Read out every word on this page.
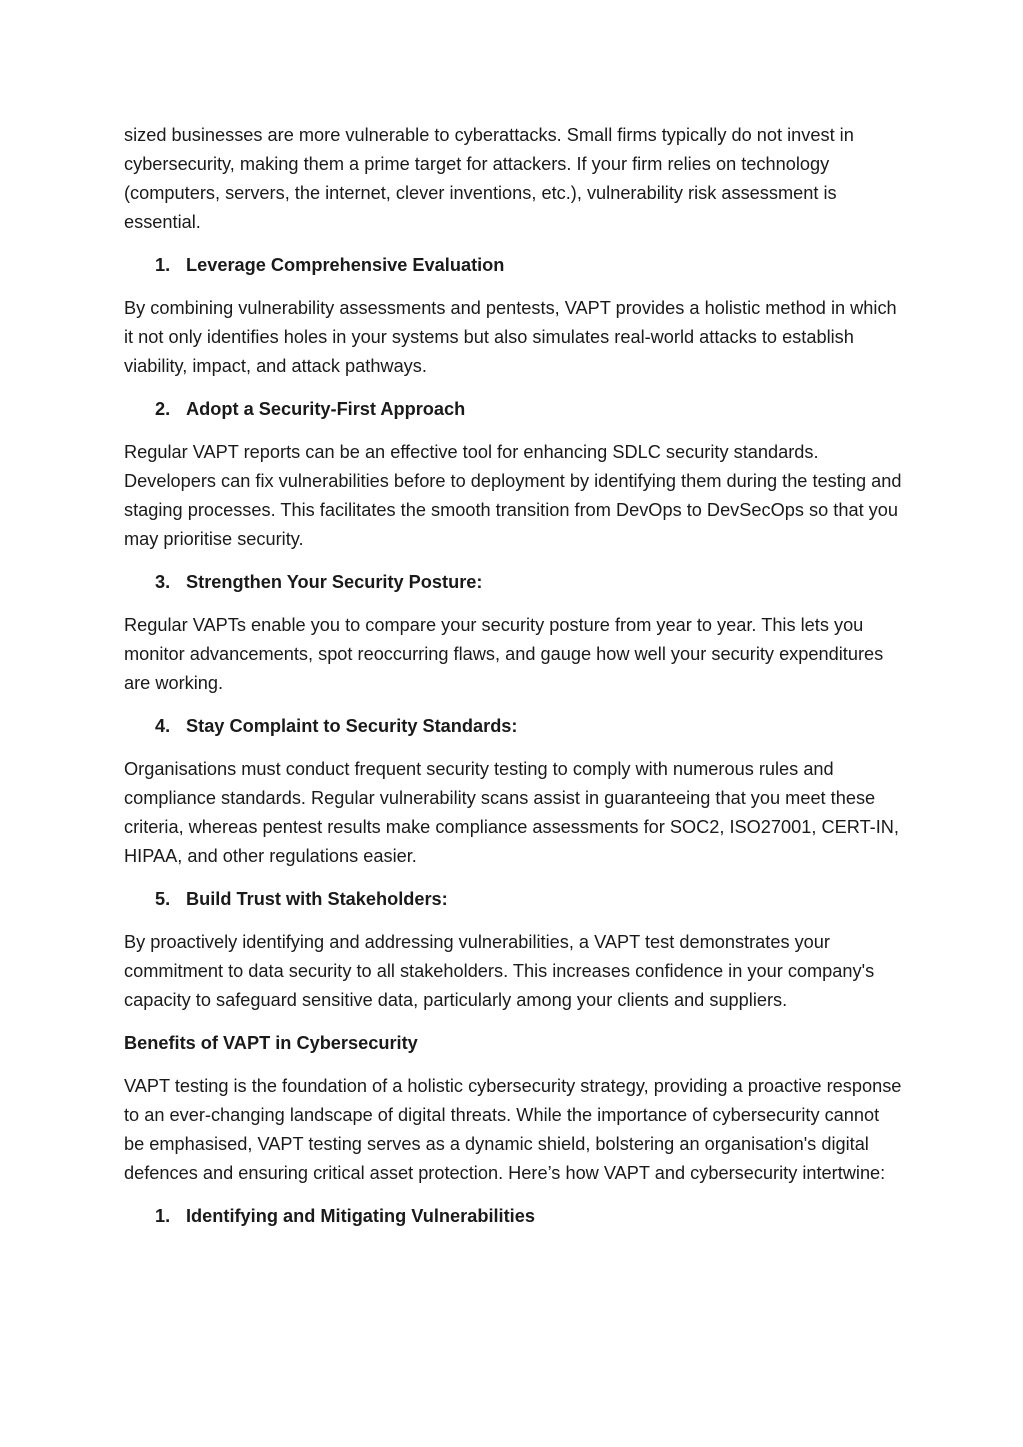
sized businesses are more vulnerable to cyberattacks. Small firms typically do not invest in cybersecurity, making them a prime target for attackers. If your firm relies on technology (computers, servers, the internet, clever inventions, etc.), vulnerability risk assessment is essential.

1. Leverage Comprehensive Evaluation

By combining vulnerability assessments and pentests, VAPT provides a holistic method in which it not only identifies holes in your systems but also simulates real-world attacks to establish viability, impact, and attack pathways.

2. Adopt a Security-First Approach

Regular VAPT reports can be an effective tool for enhancing SDLC security standards. Developers can fix vulnerabilities before to deployment by identifying them during the testing and staging processes. This facilitates the smooth transition from DevOps to DevSecOps so that you may prioritise security.

3. Strengthen Your Security Posture:

Regular VAPTs enable you to compare your security posture from year to year. This lets you monitor advancements, spot reoccurring flaws, and gauge how well your security expenditures are working.

4. Stay Complaint to Security Standards:

Organisations must conduct frequent security testing to comply with numerous rules and compliance standards. Regular vulnerability scans assist in guaranteeing that you meet these criteria, whereas pentest results make compliance assessments for SOC2, ISO27001, CERT-IN, HIPAA, and other regulations easier.

5. Build Trust with Stakeholders:

By proactively identifying and addressing vulnerabilities, a VAPT test demonstrates your commitment to data security to all stakeholders. This increases confidence in your company's capacity to safeguard sensitive data, particularly among your clients and suppliers.

Benefits of VAPT in Cybersecurity

VAPT testing is the foundation of a holistic cybersecurity strategy, providing a proactive response to an ever-changing landscape of digital threats. While the importance of cybersecurity cannot be emphasised, VAPT testing serves as a dynamic shield, bolstering an organisation's digital defences and ensuring critical asset protection. Here’s how VAPT and cybersecurity intertwine:

1. Identifying and Mitigating Vulnerabilities
